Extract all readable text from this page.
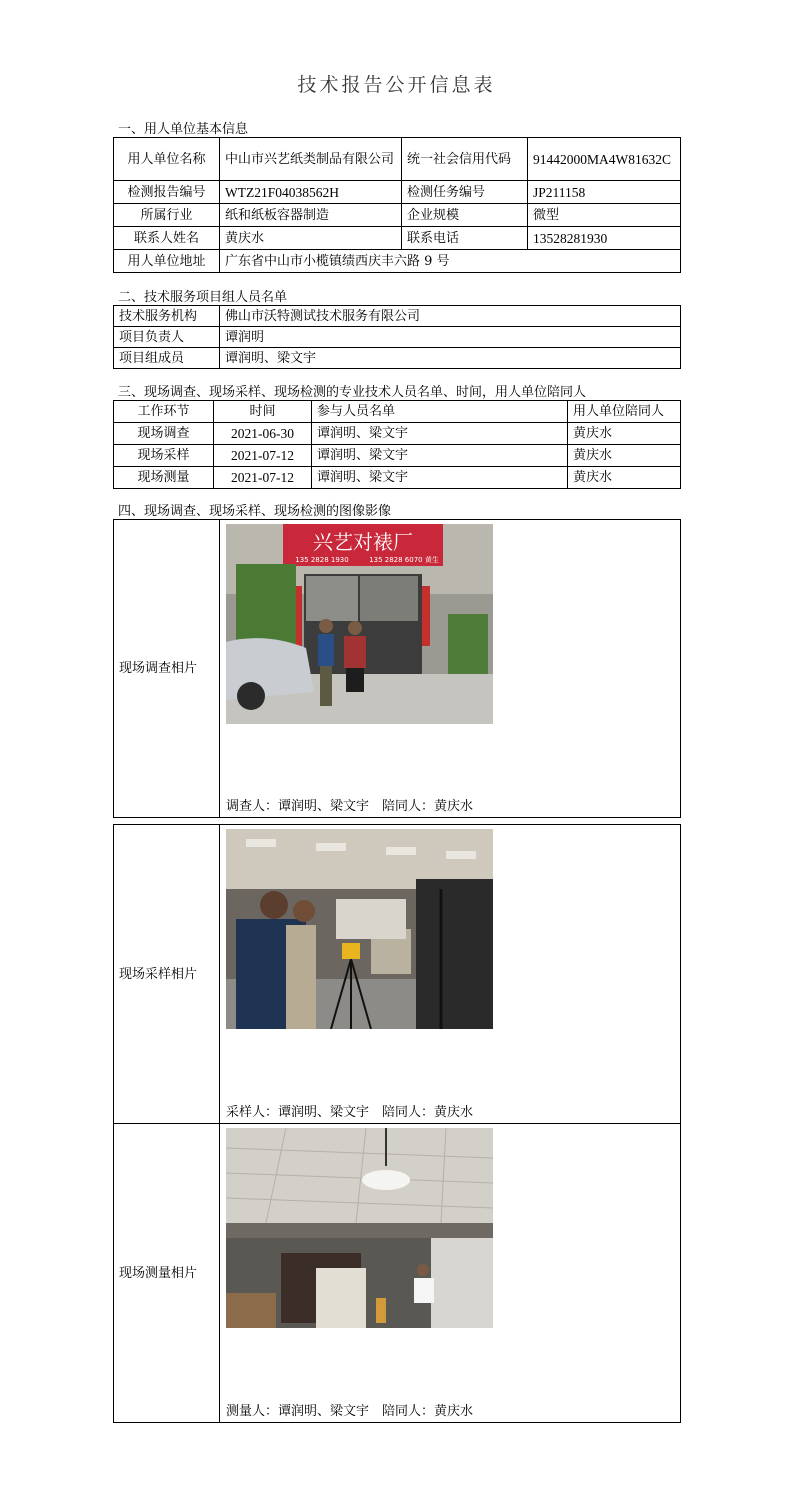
技术报告公开信息表
一、用人单位基本信息
用人单位名称	中山市兴艺纸类制品有限公司	统一社会信用代码	91442000MA4W81632C
检测报告编号	WTZ21F04038562H	检测任务编号	JP211158
所属行业	纸和纸板容器制造	企业规模	微型
联系人姓名	黄庆水	联系电话	13528281930
用人单位地址	广东省中山市小榄镇绩西庆丰六路 9 号		
二、技术服务项目组人员名单
技术服务机构	佛山市沃特测试技术服务有限公司
项目负责人	谭润明
项目组成员	谭润明、梁文宇
三、现场调查、现场采样、现场检测的专业技术人员名单、时间，用人单位陪同人
工作环节	时间	参与人员名单	用人单位陪同人
现场调查	2021-06-30	谭润明、梁文宇	黄庆水
现场采样	2021-07-12	谭润明、梁文宇	黄庆水
现场测量	2021-07-12	谭润明、梁文宇	黄庆水
四、现场调查、现场采样、现场检测的图像影像
现场调查相片	
兴艺对裱厂
135 2828 1930	135 2828 6070 黄生
调查人：谭润明、梁文宇　陪同人：黄庆水
现场采样相片	采样人：谭润明、梁文宇　陪同人：黄庆水

现场测量相片	测量人：谭润明、梁文宇　陪同人：黄庆水
